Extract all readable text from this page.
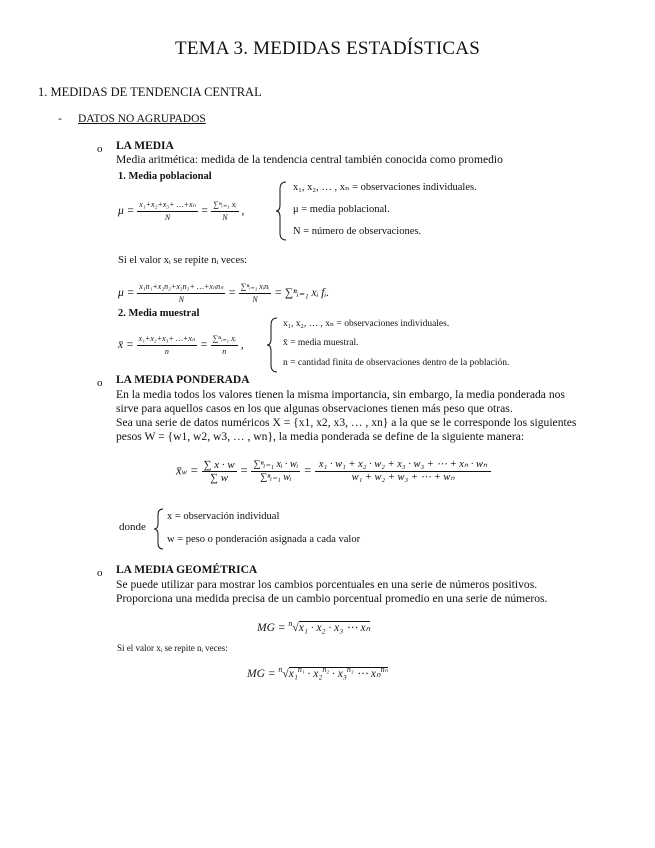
TEMA 3. MEDIDAS ESTADÍSTICAS
1. MEDIDAS DE TENDENCIA CENTRAL
- DATOS NO AGRUPADOS
o LA MEDIA
Media aritmética: medida de la tendencia central también conocida como promedio
1. Media poblacional
$\mu = \frac{\text{x₁+x₂+x₃+ …+xₙ}}{N} = \frac{\text{∑ⁿᵢ₌₁ xᵢ}}{N}$ ,
x₁, x₂, … , xₙ = observaciones individuales.
μ = media poblacional.
N = número de observaciones.
Si el valor xᵢ se repite nᵢ veces:
$\mu = \frac{\text{x₁n₁+x₂n₂+x₃n₃+ …+xₙnₙ}}{N} = \frac{\text{∑ⁿᵢ₌₁ xᵢnᵢ}}{N}$ = ∑ⁿᵢ₌₁ xᵢ fᵢ.
2. Media muestral
x̄ = $\frac{\text{x₁+x₂+x₃+ …+xₙ}}{n} = \frac{\text{∑ⁿᵢ₌₁ xᵢ}}{n}$ ,
x₁, x₂, … , xₙ = observaciones individuales.
x̄ = media muestral.
n = cantidad finita de observaciones dentro de la población.
o LA MEDIA PONDERADA
En la media todos los valores tienen la misma importancia, sin embargo, la media ponderada nos
sirve para aquellos casos en los que algunas observaciones tienen más peso que otras.
Sea una serie de datos numéricos X = {x1, x2, x3, … , xn} a la que se le corresponde los siguientes
pesos W = {w1, w2, w3, … , wn}, la media ponderada se define de la siguiente manera:
x̄w = $\frac{\sum x \cdot w}{\sum w} = \frac{\text{∑ⁿᵢ₌₁ xᵢ · wᵢ}}{\text{∑ⁿᵢ₌₁ wᵢ}} = \frac{\text{x₁ · w₁ + x₂ · w₂ + x₃ · w₃ + ⋯ + xₙ · wₙ}}{\text{w₁ + w₂ + w₃ + ⋯ + wₙ}}$
donde
x = observación individual
w = peso o ponderación asignada a cada valor
o LA MEDIA GEOMÉTRICA
Se puede utilizar para mostrar los cambios porcentuales en una serie de números positivos.
Proporciona una medida precisa de un cambio porcentual promedio en una serie de números.
MG = $^n$√x₁ · x₂ · x₃ ⋯ xₙ
Si el valor xᵢ se repite nᵢ veces:
MG = $^n$√x₁$^{n_1}$ · x₂$^{n_2}$ · x₃$^{n_3}$ ⋯ xₙ$^{n_n}$
